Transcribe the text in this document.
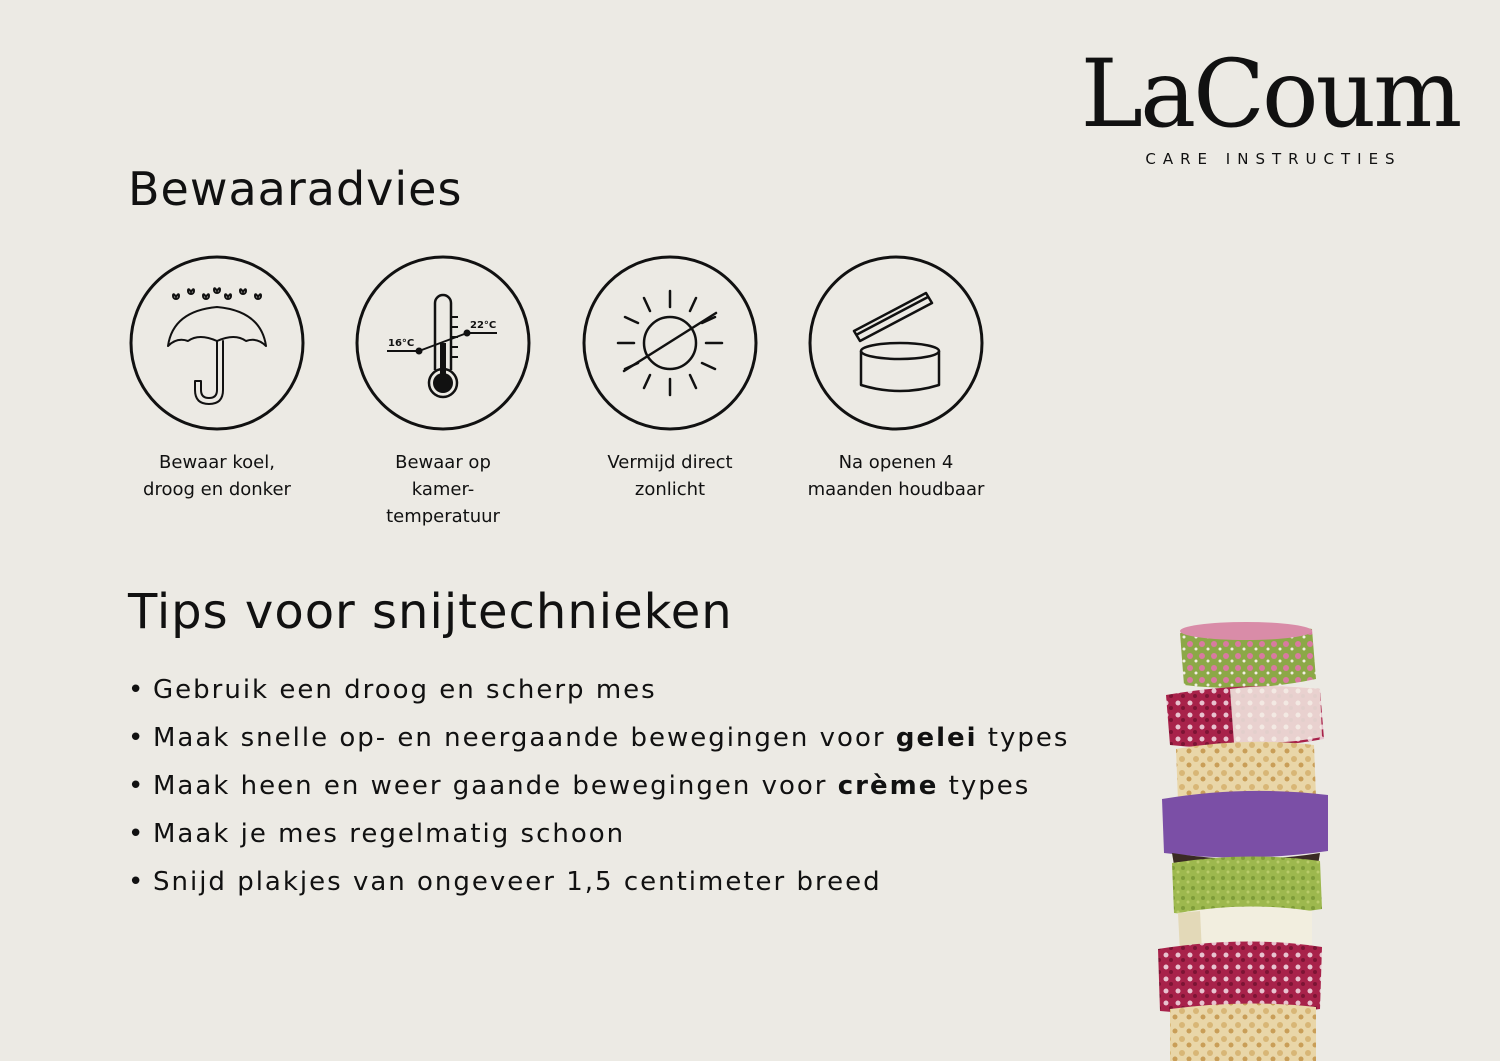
LaCoum
CARE INSTRUCTIES
Bewaaradvies
Bewaar koel,
droog en donker
16°C
22°C
Bewaar op
kamer-
temperatuur
Vermijd direct
zonlicht
Na openen 4
maanden houdbaar
Tips voor snijtechnieken
• Gebruik een droog en scherp mes
• Maak snelle op- en neergaande bewegingen voor gelei types
• Maak heen en weer gaande bewegingen voor crème types
• Maak je mes regelmatig schoon
• Snijd plakjes van ongeveer 1,5 centimeter breed
